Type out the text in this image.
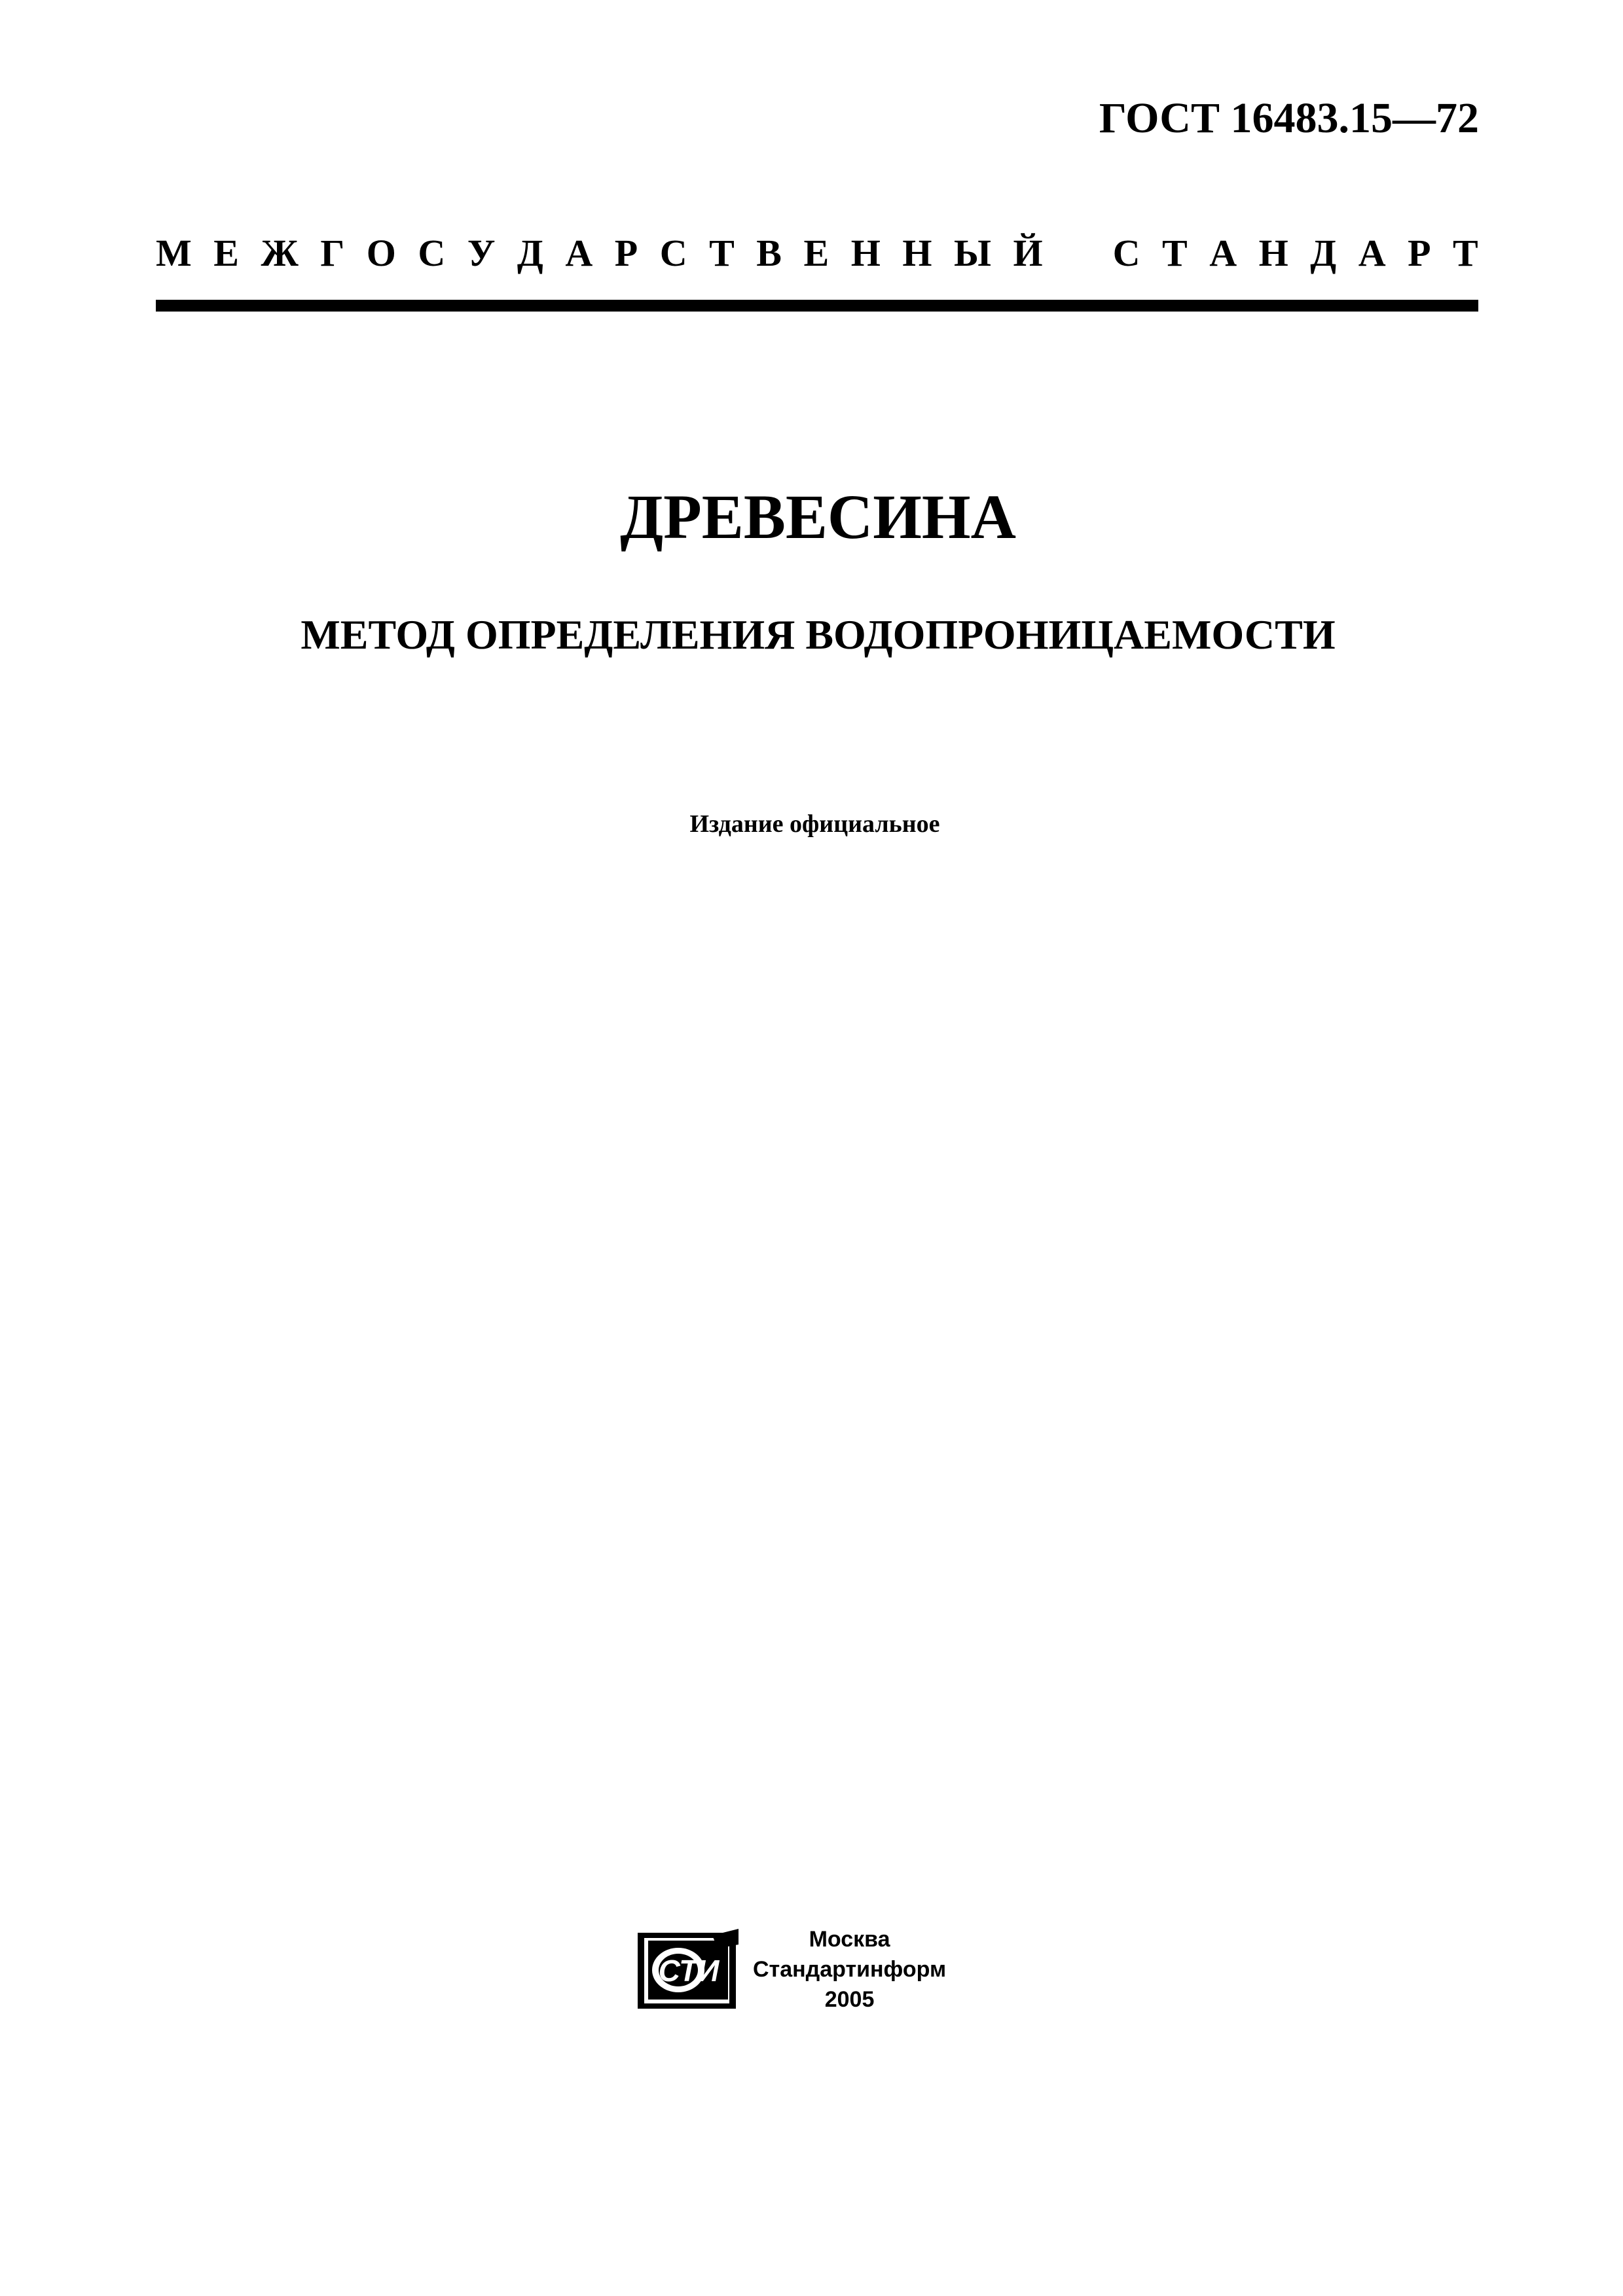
ГОСТ 16483.15—72
М Е Ж Г О С У Д А Р С Т В Е Н Н Ы Й С Т А Н Д А Р Т
ДРЕВЕСИНА
МЕТОД ОПРЕДЕЛЕНИЯ ВОДОПРОНИЦАЕМОСТИ
Издание официальное
СТИ
Москва
Стандартинформ
2005
